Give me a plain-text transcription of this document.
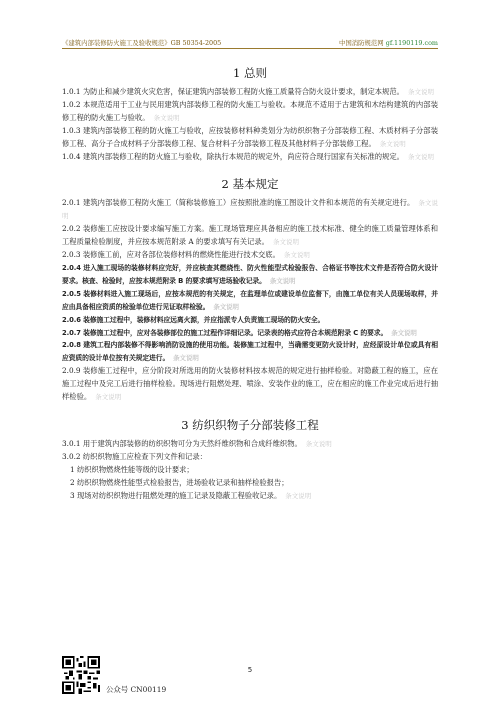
《建筑内部装修防火施工及验收规范》GB 50354-2005	中国消防规范网 gf.1190119.com
1 总则

1.0.1 为防止和减少建筑火灾危害，保证建筑内部装修工程防火施工质量符合防火设计要求，制定本规范。 条文说明

1.0.2 本规范适用于工业与民用建筑内部装修工程的防火施工与验收。本规范不适用于古建筑和木结构建筑的内部装修工程的防火施工与验收。 条文说明

1.0.3 建筑内部装修工程的防火施工与验收，应按装修材料种类划分为纺织织物子分部装修工程、木质材料子分部装修工程、高分子合成材料子分部装修工程、复合材料子分部装修工程及其他材料子分部装修工程。 条文说明

1.0.4 建筑内部装修工程的防火施工与验收，除执行本规范的规定外，尚应符合现行国家有关标准的规定。 条文说明

2 基本规定

2.0.1 建筑内部装修工程防火施工（简称装修施工）应按照批准的施工图设计文件和本规范的有关规定进行。 条文说明

2.0.2 装修施工应按设计要求编写施工方案。施工现场管理应具备相应的施工技术标准、健全的施工质量管理体系和工程质量检验制度，并应按本规范附录 A 的要求填写有关记录。 条文说明

2.0.3 装修施工前，应对各部位装修材料的燃烧性能进行技术交底。 条文说明

2.0.4 进入施工现场的装修材料应完好，并应核查其燃烧性、防火性能型式检验报告、合格证书等技术文件是否符合防火设计要求。核查、检验时，应按本规范附录 B 的要求填写进场验收记录。 条文说明

2.0.5 装修材料进入施工现场后，应按本规范的有关规定，在监理单位或建设单位监督下，由施工单位有关人员现场取样，并应由具备相应资质的检验单位进行见证取样检验。 条文说明

2.0.6 装修施工过程中，装修材料应远离火源，并应指派专人负责施工现场的防火安全。

2.0.7 装修施工过程中，应对各装修部位的施工过程作详细记录。记录表的格式应符合本规范附录 C 的要求。 条文说明

2.0.8 建筑工程内部装修不得影响消防设施的使用功能。装修施工过程中，当确需变更防火设计时，应经原设计单位或具有相应资质的设计单位按有关规定进行。 条文说明

2.0.9 装修施工过程中，应分阶段对所选用的防火装修材料按本规范的规定进行抽样检验。对隐蔽工程的施工，应在施工过程中及完工后进行抽样检验。现场进行阻燃处理、喷涂、安装作业的施工，应在相应的施工作业完成后进行抽样检验。 条文说明

3 纺织织物子分部装修工程

3.0.1 用于建筑内部装修的纺织织物可分为天然纤维织物和合成纤维织物。 条文说明

3.0.2 纺织织物施工应检查下列文件和记录：

1 纺织织物燃烧性能等级的设计要求；

2 纺织织物燃烧性能型式检验报告，进场验收记录和抽样检验报告；

3 现场对纺织织物进行阻燃处理的施工记录及隐蔽工程验收记录。 条文说明

公众号 CN00119
5
